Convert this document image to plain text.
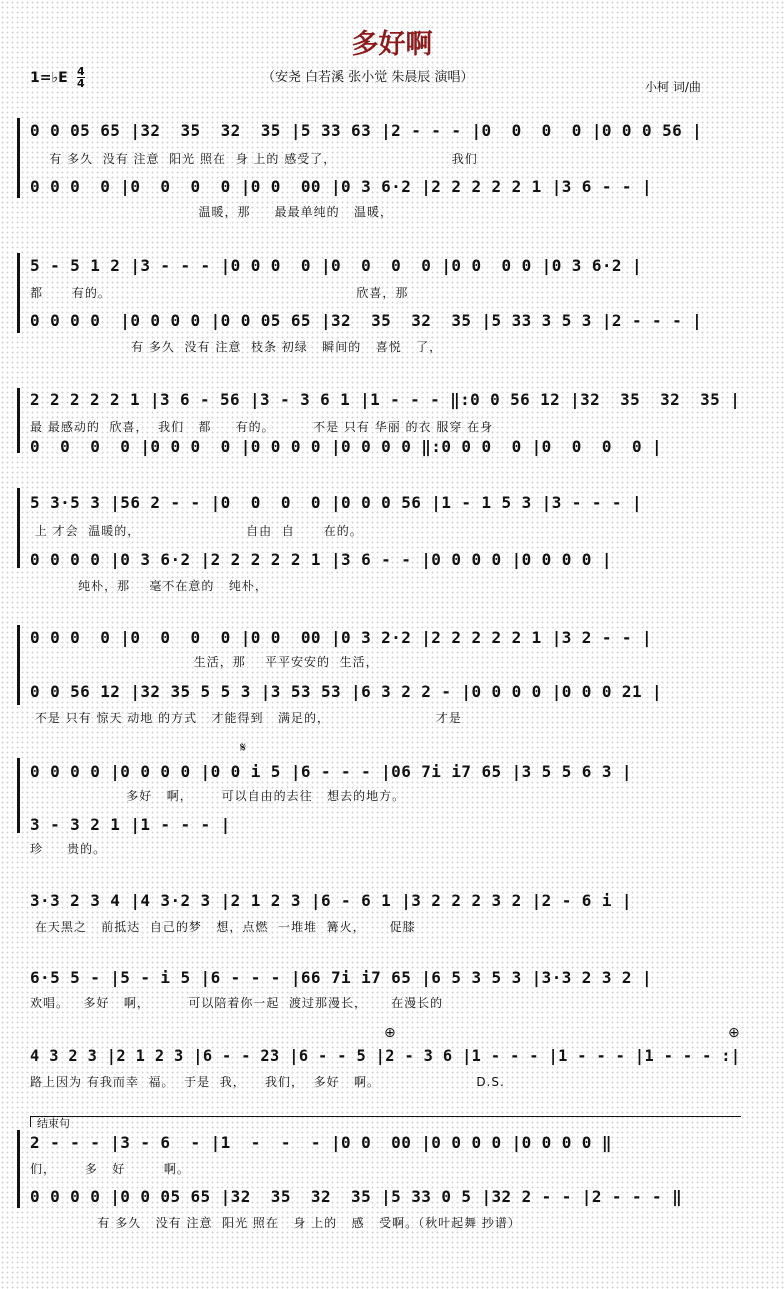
多好啊
1=♭E 4
4	（安尧 白若溪 张小觉 朱晨辰 演唱）
小柯 词/曲
0 0 05 65 |32  35  32  35 |5 33 63 |2 - - - |0  0  0  0 |0 0 0 56 |
有 多久  没有 注意  阳光 照在  身 上的 感受了，                        我们
0 0 0  0 |0  0  0  0 |0 0  00 |0 3 6·2 |2 2 2 2 2 1 |3 6 - - |
温暖，那     最最单纯的   温暖，
5 - 5 1 2 |3 - - - |0 0 0  0 |0  0  0  0 |0 0  0 0 |0 3 6·2 |
都      有的。                                                   欣喜，那
0 0 0 0  |0 0 0 0 |0 0 05 65 |32  35  32  35 |5 33 3 5 3 |2 - - - |
有 多久  没有 注意  枝条 初绿   瞬间的   喜悦   了，
2 2 2 2 2 1 |3 6 - 56 |3 - 3 6 1 |1 - - - ‖:0 0 56 12 |32  35  32  35 |
最 最感动的  欣喜，  我们   都     有的。        不是 只有 华丽 的衣 服穿 在身
0  0  0  0 |0 0 0  0 |0 0 0 0 |0 0 0 0 ‖:0 0 0  0 |0  0  0  0 |
5 3·5 3 |56 2 - - |0  0  0  0 |0 0 0 56 |1 - 1 5 3 |3 - - - |
上 才会  温暖的，                      自由  自      在的。
0 0 0 0 |0 3 6·2 |2 2 2 2 2 1 |3 6 - - |0 0 0 0 |0 0 0 0 |
纯朴，那    毫不在意的   纯朴，
0 0 0  0 |0  0  0  0 |0 0  00 |0 3 2·2 |2 2 2 2 2 1 |3 2 - - |
生活，那    平平安安的  生活，
0 0 56 12 |32 35 5 5 3 |3 53 53 |6 3 2 2 - |0 0 0 0 |0 0 0 21 |
不是 只有 惊天 动地 的方式   才能得到   满足的，                      才是
𝄋
0 0 0 0 |0 0 0 0 |0 0 i 5 |6 - - - |06 7i i7 65 |3 5 5 6 3 |
多好   啊，      可以自由的去往   想去的地方。
3 - 3 2 1 |1 - - - |
珍     贵的。
3·3 2 3 4 |4 3·2 3 |2 1 2 3 |6 - 6 1 |3 2 2 2 3 2 |2 - 6 i |
在天黑之   前抵达  自己的梦   想，点燃  一堆堆  篝火，     促膝
6·5 5 - |5 - i 5 |6 - - - |66 7i i7 65 |6 5 3 5 3 |3·3 2 3 2 |
欢唱。   多好   啊，        可以陪着你一起  渡过那漫长，     在漫长的
⊕	⊕
4 3 2 3 |2 1 2 3 |6 - - 23 |6 - - 5 |2 - 3 6 |1 - - - |1 - - - |1 - - - :|
路上因为 有我而幸  福。  于是  我，    我们，  多好   啊。                    D.S.
结束句
2 - - - |3 - 6  - |1  -  -  - |0 0  00 |0 0 0 0 |0 0 0 0 ‖
们，      多   好        啊。
0 0 0 0 |0 0 05 65 |32  35  32  35 |5 33 0 5 |32 2 - - |2 - - - ‖
有 多久   没有 注意  阳光 照在   身 上的   感   受啊。（秋叶起舞 抄谱）
